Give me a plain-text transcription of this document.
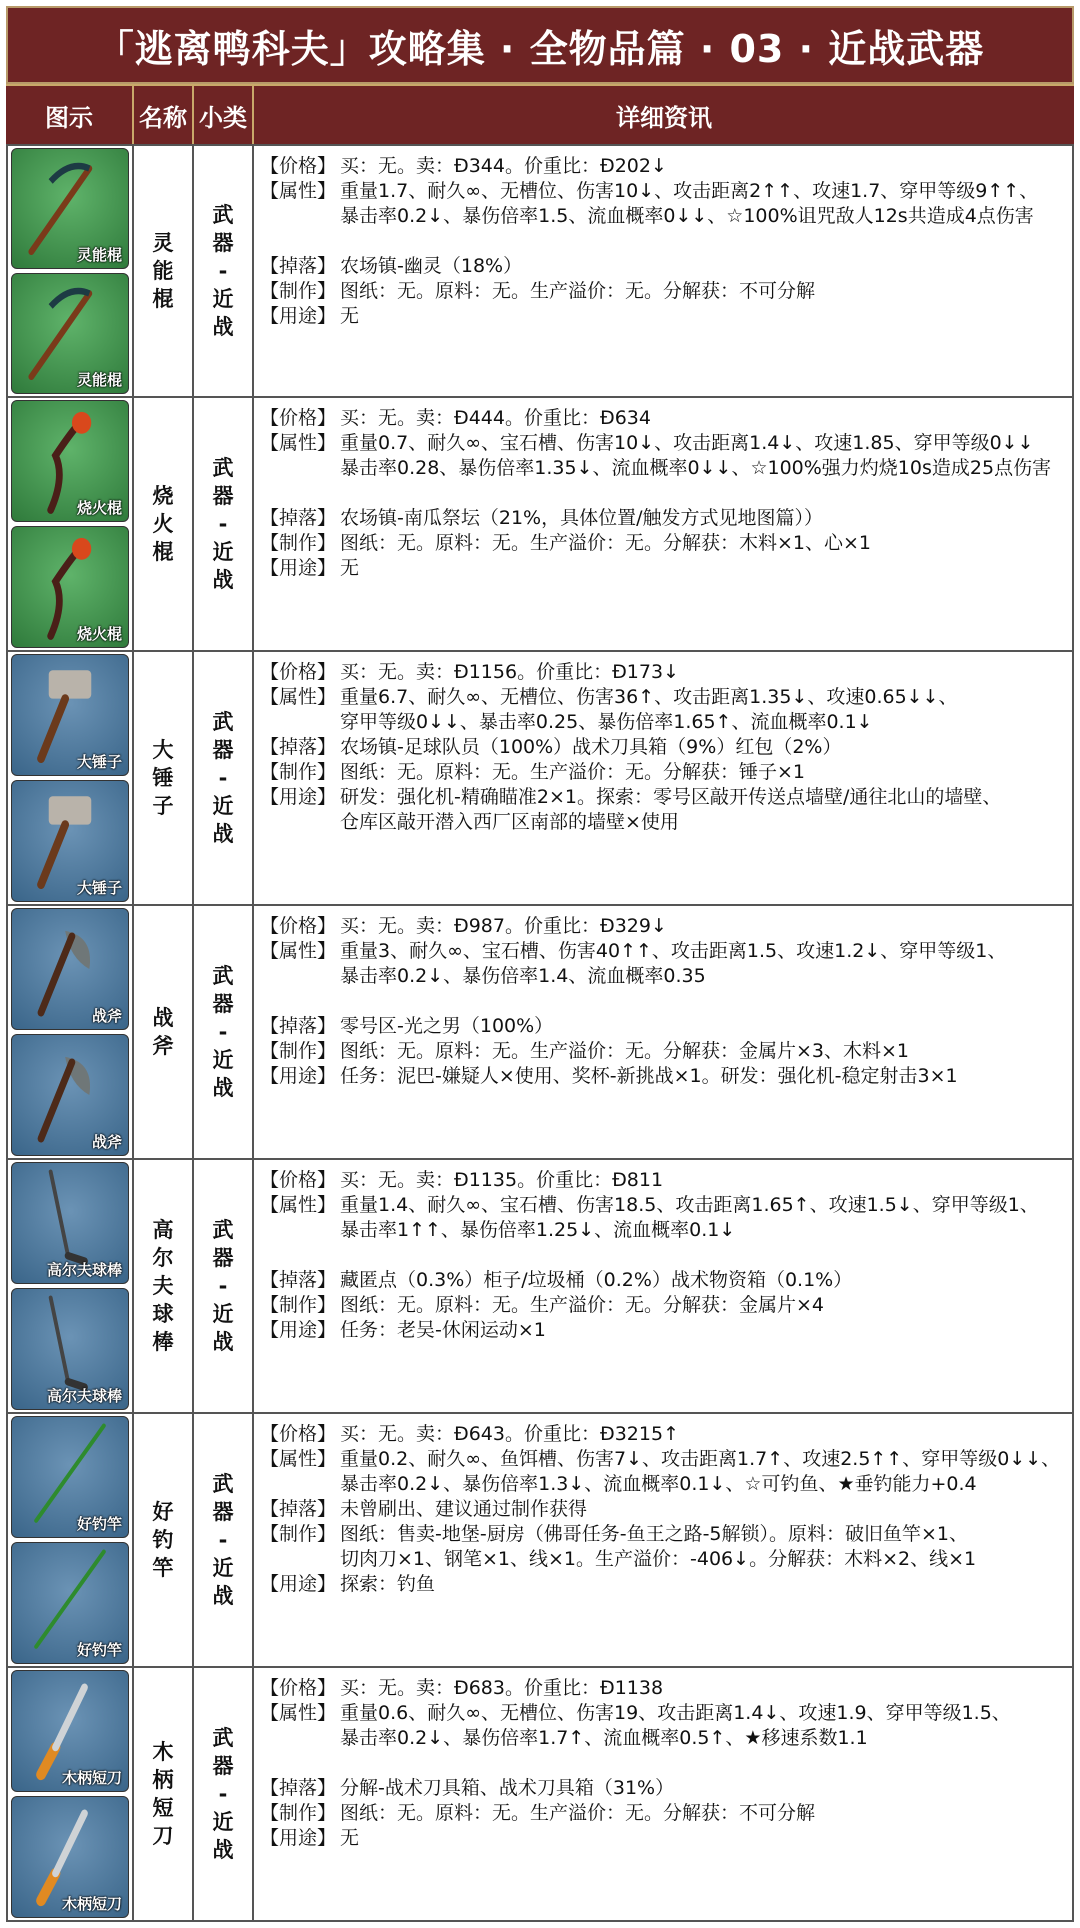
「逃离鸭科夫」攻略集 · 全物品篇 · 03 · 近战武器
图示	名称 小类	详细资讯
灵能棍
灵能棍
灵
能
棍
武
器
-
近
战
【价格】 买：无。卖：Ð344。价重比：Ð202↓
【属性】 重量1.7、耐久∞、无槽位、伤害10↓、攻击距离2↑↑、攻速1.7、穿甲等级9↑↑、
暴击率0.2↓、暴伤倍率1.5、流血概率0↓↓、☆100%诅咒敌人12s共造成4点伤害
【掉落】 农场镇-幽灵（18%）
【制作】 图纸：无。原料：无。生产溢价：无。分解获：不可分解
【用途】 无
烧火棍
烧火棍
烧
火
棍
武
器
-
近
战
【价格】 买：无。卖：Ð444。价重比：Ð634
【属性】 重量0.7、耐久∞、宝石槽、伤害10↓、攻击距离1.4↓、攻速1.85、穿甲等级0↓↓
暴击率0.28、暴伤倍率1.35↓、流血概率0↓↓、☆100%强力灼烧10s造成25点伤害
【掉落】 农场镇-南瓜祭坛（21%，具体位置/触发方式见地图篇））
【制作】 图纸：无。原料：无。生产溢价：无。分解获：木料×1、心×1
【用途】 无
大锤子
大锤子
大
锤
子
武
器
-
近
战
【价格】 买：无。卖：Ð1156。价重比：Ð173↓
【属性】 重量6.7、耐久∞、无槽位、伤害36↑、攻击距离1.35↓、攻速0.65↓↓、
穿甲等级0↓↓、暴击率0.25、暴伤倍率1.65↑、流血概率0.1↓
【掉落】 农场镇-足球队员（100%）战术刀具箱（9%）红包（2%）
【制作】 图纸：无。原料：无。生产溢价：无。分解获：锤子×1
【用途】 研发：强化机-精确瞄准2×1。探索：零号区敲开传送点墙壁/通往北山的墙壁、
仓库区敲开潜入西厂区南部的墙壁×使用
战斧
战斧
战
斧
武
器
-
近
战
【价格】 买：无。卖：Ð987。价重比：Ð329↓
【属性】 重量3、耐久∞、宝石槽、伤害40↑↑、攻击距离1.5、攻速1.2↓、穿甲等级1、
暴击率0.2↓、暴伤倍率1.4、流血概率0.35
【掉落】 零号区-光之男（100%）
【制作】 图纸：无。原料：无。生产溢价：无。分解获：金属片×3、木料×1
【用途】 任务：泥巴-嫌疑人×使用、奖杯-新挑战×1。研发：强化机-稳定射击3×1
高尔夫球棒
高尔夫球棒
高
尔
夫
球
棒
武
器
-
近
战
【价格】 买：无。卖：Ð1135。价重比：Ð811
【属性】 重量1.4、耐久∞、宝石槽、伤害18.5、攻击距离1.65↑、攻速1.5↓、穿甲等级1、
暴击率1↑↑、暴伤倍率1.25↓、流血概率0.1↓
【掉落】 藏匿点（0.3%）柜子/垃圾桶（0.2%）战术物资箱（0.1%）
【制作】 图纸：无。原料：无。生产溢价：无。分解获：金属片×4
【用途】 任务：老吴-休闲运动×1
好钓竿
好钓竿
好
钓
竿
武
器
-
近
战
【价格】 买：无。卖：Ð643。价重比：Ð3215↑
【属性】 重量0.2、耐久∞、鱼饵槽、伤害7↓、攻击距离1.7↑、攻速2.5↑↑、穿甲等级0↓↓、
暴击率0.2↓、暴伤倍率1.3↓、流血概率0.1↓、☆可钓鱼、★垂钓能力+0.4
【掉落】 未曾刷出、建议通过制作获得
【制作】 图纸：售卖-地堡-厨房（佛哥任务-鱼王之路-5解锁）。原料：破旧鱼竿×1、
切肉刀×1、钢笔×1、线×1。生产溢价：-406↓。分解获：木料×2、线×1
【用途】 探索：钓鱼
木柄短刀
木柄短刀
木
柄
短
刀
武
器
-
近
战
【价格】 买：无。卖：Ð683。价重比：Ð1138
【属性】 重量0.6、耐久∞、无槽位、伤害19、攻击距离1.4↓、攻速1.9、穿甲等级1.5、
暴击率0.2↓、暴伤倍率1.7↑、流血概率0.5↑、★移速系数1.1
【掉落】 分解-战术刀具箱、战术刀具箱（31%）
【制作】 图纸：无。原料：无。生产溢价：无。分解获：不可分解
【用途】 无
